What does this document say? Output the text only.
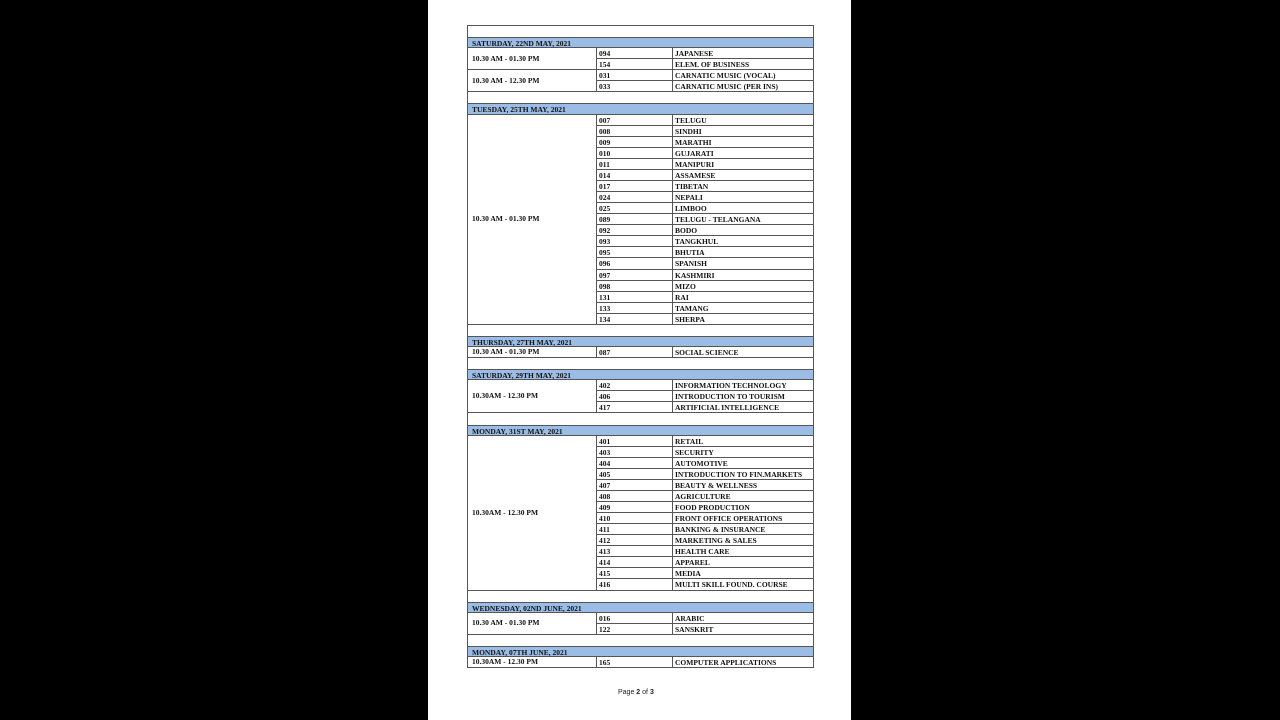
SATURDAY, 22ND MAY, 2021
10.30 AM - 01.30 PM
094	JAPANESE
154	ELEM. OF BUSINESS
10.30 AM - 12.30 PM
031	CARNATIC MUSIC (VOCAL)
033	CARNATIC MUSIC (PER INS)
TUESDAY, 25TH MAY, 2021
10.30 AM - 01.30 PM
007	TELUGU
008	SINDHI
009	MARATHI
010	GUJARATI
011	MANIPURI
014	ASSAMESE
017	TIBETAN
024	NEPALI
025	LIMBOO
089	TELUGU - TELANGANA
092	BODO
093	TANGKHUL
095	BHUTIA
096	SPANISH
097	KASHMIRI
098	MIZO
131	RAI
133	TAMANG
134	SHERPA
THURSDAY, 27TH MAY, 2021
10.30 AM - 01.30 PM	087	SOCIAL SCIENCE
SATURDAY, 29TH MAY, 2021
10.30AM - 12.30 PM
402	INFORMATION TECHNOLOGY
406	INTRODUCTION TO TOURISM
417	ARTIFICIAL INTELLIGENCE
MONDAY, 31ST MAY, 2021
10.30AM - 12.30 PM
401	RETAIL
403	SECURITY
404	AUTOMOTIVE
405	INTRODUCTION TO FIN.MARKETS
407	BEAUTY & WELLNESS
408	AGRICULTURE
409	FOOD PRODUCTION
410	FRONT OFFICE OPERATIONS
411	BANKING & INSURANCE
412	MARKETING & SALES
413	HEALTH CARE
414	APPAREL
415	MEDIA
416	MULTI SKILL FOUND. COURSE
WEDNESDAY, 02ND JUNE, 2021
10.30 AM - 01.30 PM
016	ARABIC
122	SANSKRIT
MONDAY, 07TH JUNE, 2021
10.30AM - 12.30 PM	165	COMPUTER APPLICATIONS
Page 2 of 3
